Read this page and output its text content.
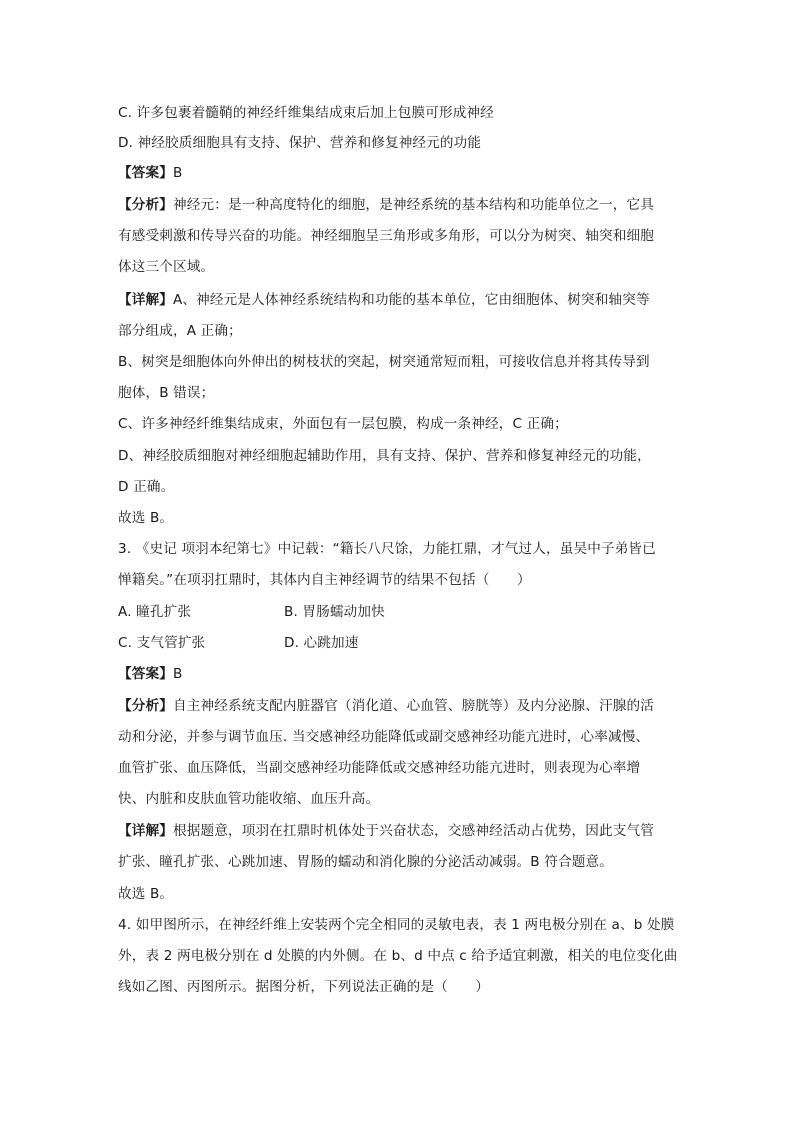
C. 许多包裹着髓鞘的神经纤维集结成束后加上包膜可形成神经
D. 神经胶质细胞具有支持、保护、营养和修复神经元的功能
【答案】B
【分析】神经元：是一种高度特化的细胞，是神经系统的基本结构和功能单位之一，它具
有感受刺激和传导兴奋的功能。神经细胞呈三角形或多角形，可以分为树突、轴突和细胞
体这三个区域。
【详解】A、神经元是人体神经系统结构和功能的基本单位，它由细胞体、树突和轴突等
部分组成，A 正确；
B、树突是细胞体向外伸出的树枝状的突起，树突通常短而粗，可接收信息并将其传导到
胞体，B 错误；
C、许多神经纤维集结成束，外面包有一层包膜，构成一条神经，C 正确；
D、神经胶质细胞对神经细胞起辅助作用，具有支持、保护、营养和修复神经元的功能，
D 正确。
故选 B。
3. 《史记 项羽本纪第七》中记载：“籍长八尺馀，力能扛鼎，才气过人，虽吴中子弟皆已
惮籍矣。”在项羽扛鼎时，其体内自主神经调节的结果不包括（　　）
A. 瞳孔扩张	B. 胃肠蠕动加快
C. 支气管扩张	D. 心跳加速
【答案】B
【分析】自主神经系统支配内脏器官（消化道、心血管、膀胱等）及内分泌腺、汗腺的活
动和分泌，并参与调节血压. 当交感神经功能降低或副交感神经功能亢进时，心率减慢、
血管扩张、血压降低，当副交感神经功能降低或交感神经功能亢进时，则表现为心率增
快、内脏和皮肤血管功能收缩、血压升高。
【详解】根据题意，项羽在扛鼎时机体处于兴奋状态，交感神经活动占优势，因此支气管
扩张、瞳孔扩张、心跳加速、胃肠的蠕动和消化腺的分泌活动减弱。B 符合题意。
故选 B。
4. 如甲图所示，在神经纤维上安装两个完全相同的灵敏电表，表 1 两电极分别在 a、b 处膜
外，表 2 两电极分别在 d 处膜的内外侧。在 b、d 中点 c 给予适宜刺激，相关的电位变化曲
线如乙图、丙图所示。据图分析，下列说法正确的是（　　）
